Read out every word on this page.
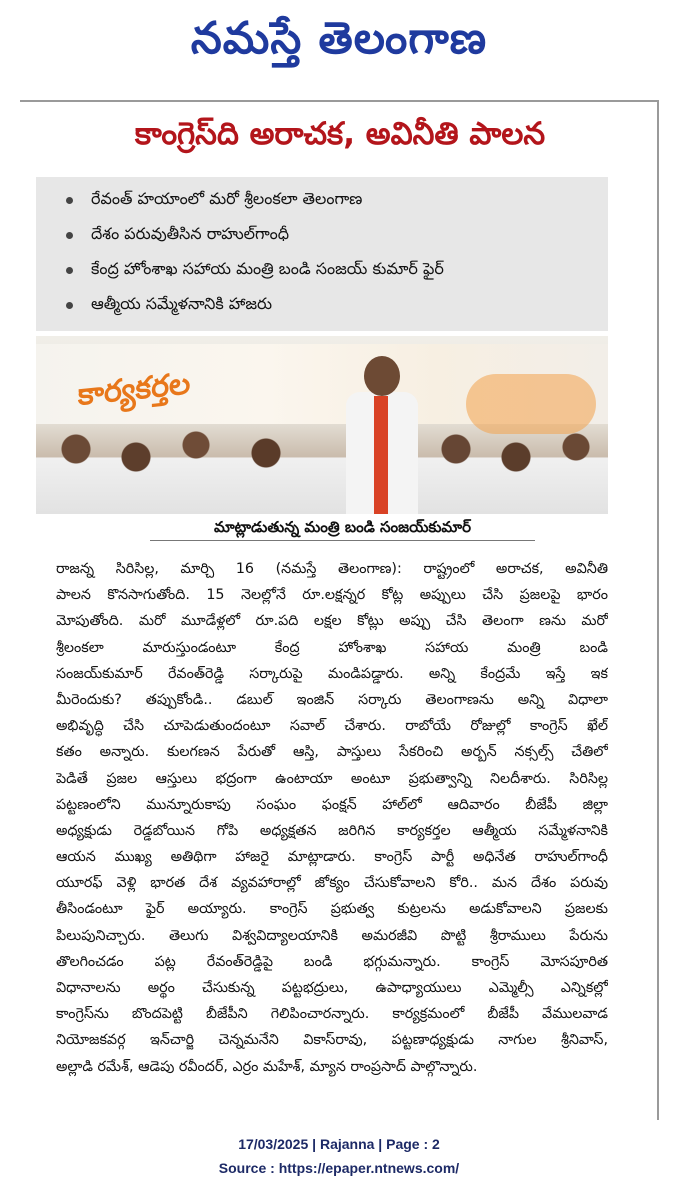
నమస్తే తెలంగాణ
కాంగ్రెస్‌ది అరాచక, అవినీతి పాలన
రేవంత్ హయాంలో మరో శ్రీలంకలా తెలంగాణ
దేశం పరువుతీసిన రాహుల్‌గాంధీ
కేంద్ర హోంశాఖ సహాయ మంత్రి బండి సంజయ్ కుమార్ ఫైర్
ఆత్మీయ సమ్మేళనానికి హాజరు
కార్యకర్తల
మాట్లాడుతున్న మంత్రి బండి సంజయ్‌కుమార్
రాజన్న సిరిసిల్ల, మార్చి 16 (నమస్తే తెలంగాణ): రాష్ట్రంలో అరాచక, అవినీతి
పాలన కొనసాగుతోంది. 15 నెలల్లోనే రూ.లక్షన్నర కోట్ల అప్పులు చేసి ప్రజలపై భారం
మోపుతోంది. మరో మూడేళ్లలో రూ.పది లక్షల కోట్లు అప్పు చేసి తెలంగా ణను మరో
శ్రీలంకలా మారుస్తుండంటూ కేంద్ర హోంశాఖ సహాయ మంత్రి బండి
సంజయ్‌కుమార్ రేవంత్‌రెడ్డి సర్కారుపై మండిపడ్డారు. అన్ని కేంద్రమే ఇస్తే ఇక
మీరెందుకు? తప్పుకోండి.. డబుల్ ఇంజిన్ సర్కారు తెలంగాణను అన్ని విధాలా
అభివృద్ధి చేసి చూపెడుతుందంటూ సవాల్ చేశారు. రాబోయే రోజుల్లో కాంగ్రెస్ ఖేల్
కతం అన్నారు. కులగణన పేరుతో ఆస్తి, పాస్తులు సేకరించి అర్బన్ నక్సల్స్ చేతిలో
పెడితే ప్రజల ఆస్తులు భద్రంగా ఉంటాయా అంటూ ప్రభుత్వాన్ని నిలదీశారు. సిరిసిల్ల
పట్టణంలోని మున్నూరుకాపు సంఘం ఫంక్షన్ హాల్‌లో ఆదివారం బీజేపీ జిల్లా
అధ్యక్షుడు రెడ్డబోయిన గోపి అధ్యక్షతన జరిగిన కార్యకర్తల ఆత్మీయ సమ్మేళనానికి
ఆయన ముఖ్య అతిథిగా హాజరై మాట్లాడారు. కాంగ్రెస్ పార్టీ అధినేత రాహుల్‌గాంధీ
యూరఫ్ వెళ్లి భారత దేశ వ్యవహారాల్లో జోక్యం చేసుకోవాలని కోరి.. మన దేశం పరువు
తీసిండంటూ ఫైర్ అయ్యారు. కాంగ్రెస్ ప్రభుత్వ కుట్రలను అడుకోవాలని ప్రజలకు
పిలుపునిచ్చారు. తెలుగు విశ్వవిద్యాలయానికి అమరజీవి పొట్టి శ్రీరాములు పేరును
తొలగించడం పట్ల రేవంత్‌రెడ్డిపై బండి భగ్గుమన్నారు. కాంగ్రెస్ మోసపూరిత
విధానాలను అర్థం చేసుకున్న పట్టభద్రులు, ఉపాధ్యాయులు ఎమ్మెల్సీ ఎన్నికల్లో
కాంగ్రెస్‌ను బొందపెట్టి బీజేపీని గెలిపించారన్నారు. కార్యక్రమంలో బీజేపీ వేములవాడ
నియోజకవర్గ ఇన్‌చార్జి చెన్నమనేని వికాస్‌రావు, పట్టణాధ్యక్షుడు నాగుల శ్రీనివాస్,
అల్లాడి రమేశ్, ఆడెపు రవీందర్, ఎర్రం మహేశ్, మ్యాన రాంప్రసాద్ పాల్గొన్నారు.
17/03/2025 | Rajanna | Page : 2
Source : https://epaper.ntnews.com/
